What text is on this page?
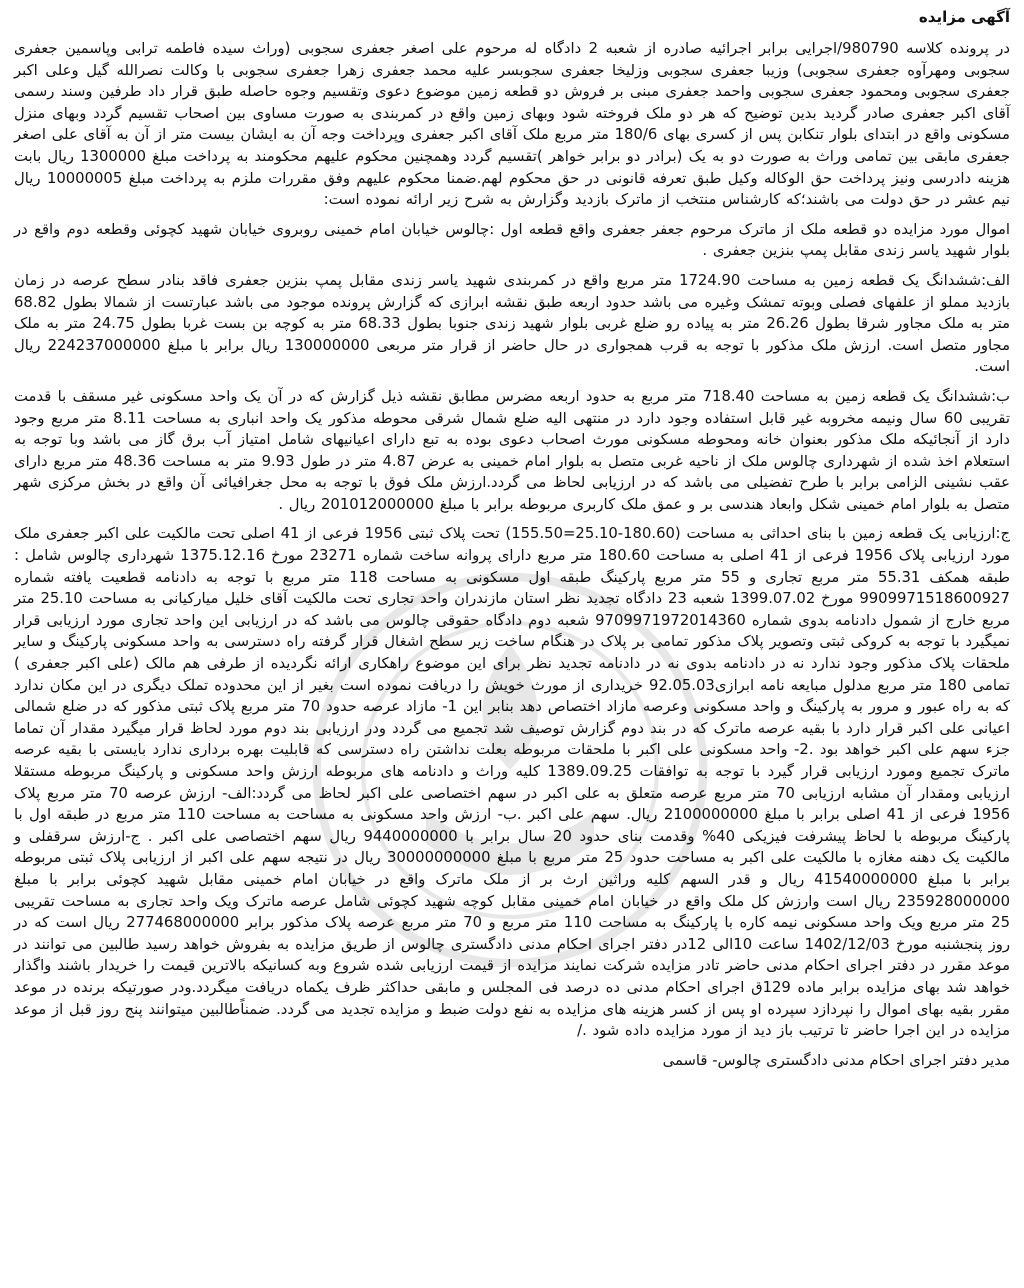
آگهی مزایده

در پرونده کلاسه 980790/اجرایی برابر اجرائیه صادره از شعبه 2 دادگاه له مرحوم علی اصغر جعفری سجوبی (وراث سیده فاطمه ترابی وپاسمین جعفری سجوبی ومهرآوه جعفری سجوبی) وزیبا جعفری سجوبی وزلیخا جعفری سجوبسر علیه محمد جعفری زهرا جعفری سجوبی با وکالت نصرالله گیل وعلی اکبر جعفری سجوبی ومحمود جعفری سجوبی واحمد جعفری مبنی بر فروش دو قطعه زمین موضوع دعوی وتقسیم وجوه حاصله طبق قرار داد طرفین وسند رسمی آقای اکبر جعفری صادر گردید بدین توضیح که هر دو ملک فروخته شود وبهای زمین واقع در کمربندی به صورت مساوی بین اصحاب تقسیم گردد وبهای منزل مسکونی واقع در ابتدای بلوار تنکابن پس از کسری بهای 180/6 متر مربع ملک آقای اکبر جعفری وپرداخت وجه آن به ایشان بیست متر از آن به آقای علی اصغر جعفری مابقی بین تمامی وراث به صورت دو به یک (برادر دو برابر خواهر )تقسیم گردد وهمچنین محکوم علیهم محکومند به پرداخت مبلغ 1300000 ریال بابت هزینه دادرسی ونیز پرداخت حق الوکاله وکیل طبق تعرفه قانونی در حق محکوم لهم.ضمنا محکوم علیهم وفق مقررات ملزم به پرداخت مبلغ 10000005 ریال نیم عشر در حق دولت می باشند؛که کارشناس منتخب از ماترک بازدید وگزارش به شرح زیر ارائه نموده است:

اموال مورد مزایده دو قطعه ملک از ماترک مرحوم جعفر جعفری واقع قطعه اول :چالوس خیابان امام خمینی روبروی خیابان شهید کچوئی وقطعه دوم واقع در بلوار شهید یاسر زندی مقابل پمپ بنزین جعفری .

الف:ششدانگ یک قطعه زمین به مساحت 1724.90 متر مربع واقع در کمربندی شهید یاسر زندی مقابل پمپ بنزین جعفری فاقد بنادر سطح عرصه در زمان بازدید مملو از علفهای فصلی وبوته تمشک وغیره می باشد حدود اربعه طبق نقشه ابرازی که گزارش پرونده موجود می باشد عبارتست از شمالا بطول 68.82 متر به ملک مجاور شرقا بطول 26.26 متر به پیاده رو ضلع غربی بلوار شهید زندی جنوبا بطول 68.33 متر به کوچه بن بست غربا بطول 24.75 متر به ملک مجاور متصل است. ارزش ملک مذکور با توجه به قرب همجواری در حال حاضر از قرار متر مربعی 130000000 ریال برابر با مبلغ 224237000000 ریال است.

ب:ششدانگ یک قطعه زمین به مساحت 718.40 متر مربع به حدود اربعه مضرس مطابق نقشه ذیل گزارش که در آن یک واحد مسکونی غیر مسقف با قدمت تقریبی 60 سال ونیمه مخروبه غیر قابل استفاده وجود دارد در منتهی الیه ضلع شمال شرقی محوطه مذکور یک واحد انباری به مساحت 8.11 متر مربع وجود دارد از آنجائیکه ملک مذکور بعنوان خانه ومحوطه مسکونی مورث اصحاب دعوی بوده به تبع دارای اعیانیهای شامل امتیاز آب برق گاز می باشد وبا توجه به استعلام اخذ شده از شهرداری چالوس ملک از ناحیه غربی متصل به بلوار امام خمینی به عرض 4.87 متر در طول 9.93 متر به مساحت 48.36 متر مربع دارای عقب نشینی الزامی برابر با طرح تفضیلی می باشد که در ارزیابی لحاظ می گردد.ارزش ملک فوق با توجه به محل جغرافیائی آن واقع در بخش مرکزی شهر متصل به بلوار امام خمینی شکل وابعاد هندسی بر و عمق ملک کاربری مربوطه برابر با مبلغ 201012000000 ریال .

ج:ارزیابی یک قطعه زمین با بنای احداثی به مساحت (180.60-25.10=155.50) تحت پلاک ثبتی 1956 فرعی از 41 اصلی تحت مالکیت علی اکبر جعفری ملک مورد ارزیابی پلاک 1956 فرعی از 41 اصلی به مساحت 180.60 متر مربع دارای پروانه ساخت شماره 23271 مورخ 1375.12.16 شهرداری چالوس شامل : طبقه همکف 55.31 متر مربع تجاری و 55 متر مربع پارکینگ طبقه اول مسکونی به مساحت 118 متر مربع با توجه به دادنامه قطعیت یافته شماره 9909971518600927 مورخ 1399.07.02 شعبه 23 دادگاه تجدید نظر استان مازندران واحد تجاری تحت مالکیت آقای خلیل میارکیانی به مساحت 25.10 متر مربع خارج از شمول دادنامه بدوی شماره 9709971972014360 شعبه دوم دادگاه حقوقی چالوس می باشد که در ارزیابی این واحد تجاری مورد ارزیابی قرار نمیگیرد با توجه به کروکی ثبتی وتصویر پلاک مذکور تمامی بر پلاک در هنگام ساخت زیر سطح اشغال قرار گرفته راه دسترسی به واحد مسکونی پارکینگ و سایر ملحقات پلاک مذکور وجود ندارد نه در دادنامه بدوی نه در دادنامه تجدید نظر برای این موضوع راهکاری ارائه نگردیده از طرفی هم مالک (علی اکبر جعفری ) تمامی 180 متر مربع مدلول مبایعه نامه ابرازی92.05.03 خریداری از مورث خویش را دریافت نموده است بغیر از این محدوده تملک دیگری در این مکان ندارد که به راه عبور و مرور به پارکینگ و واحد مسکونی وعرصه مازاد اختصاص دهد بنابر این 1- مازاد عرصه حدود 70 متر مربع پلاک ثبتی مذکور که در ضلع شمالی اعیانی علی اکبر قرار دارد با بقیه عرصه ماترک که در بند دوم گزارش توصیف شد تجمیع می گردد ودر ارزیابی بند دوم مورد لحاظ قرار میگیرد مقدار آن تماما جزء سهم علی اکبر خواهد بود .2- واحد مسکونی علی اکبر با ملحقات مربوطه بعلت نداشتن راه دسترسی که قابلیت بهره برداری ندارد بایستی با بقیه عرصه ماترک تجمیع ومورد ارزیابی قرار گیرد با توجه به توافقات 1389.09.25 کلیه وراث و دادنامه های مربوطه ارزش واحد مسکونی و پارکینگ مربوطه مستقلا ارزیابی ومقدار آن مشابه ارزیابی 70 متر مربع عرصه متعلق به علی اکبر در سهم اختصاصی علی اکبر لحاظ می گردد:الف- ارزش عرصه 70 متر مربع پلاک 1956 فرعی از 41 اصلی برابر با مبلغ 2100000000 ریال. سهم علی اکبر .ب- ارزش واحد مسکونی به مساحت به مساحت 110 متر مربع در طبقه اول با پارکینگ مربوطه با لحاظ پیشرفت فیزیکی 40% وقدمت بنای حدود 20 سال برابر با 9440000000 ریال سهم اختصاصی علی اکبر . ج-ارزش سرقفلی و مالکیت یک دهنه مغازه با مالکیت علی اکبر به مساحت حدود 25 متر مربع با مبلغ 30000000000 ریال در نتیجه سهم علی اکبر از ارزیابی پلاک ثبتی مربوطه برابر با مبلغ 41540000000 ریال و قدر السهم کلیه وراثین ارث بر از ملک ماترک واقع در خیابان امام خمینی مقابل شهید کچوئی برابر با مبلغ 235928000000 ریال است وارزش کل ملک واقع در خیابان امام خمینی مقابل کوچه شهید کچوئی شامل عرصه ماترک ویک واحد تجاری به مساحت تقریبی 25 متر مربع ویک واحد مسکونی نیمه کاره با پارکینگ به مساحت 110 متر مربع و 70 متر مربع عرصه پلاک مذکور برابر 277468000000 ریال است که در روز پنجشنبه مورخ 1402/12/03 ساعت 10الی 12در دفتر اجرای احکام مدنی دادگستری چالوس از طریق مزایده به بفروش خواهد رسید طالبین می توانند در موعد مقرر در دفتر اجرای احکام مدنی حاضر تادر مزایده شرکت نمایند مزایده از قیمت ارزیابی شده شروع وبه کسانیکه بالاترین قیمت را خریدار باشند واگذار خواهد شد بهای مزایده برابر ماده 129ق اجرای احکام مدنی ده درصد فی المجلس و مابقی حداکثر ظرف یکماه دریافت میگردد.ودر صورتیکه برنده در موعد مقرر بقیه بهای اموال را نپردازد سپرده او پس از کسر هزینه های مزایده به نفع دولت ضبط و مزایده تجدید می گردد. ضمناًطالبین میتوانند پنج روز قبل از موعد مزایده در این اجرا حاضر تا ترتیب باز دید از مورد مزایده داده شود ./

مدیر دفتر اجرای احکام مدنی دادگستری چالوس- قاسمی
